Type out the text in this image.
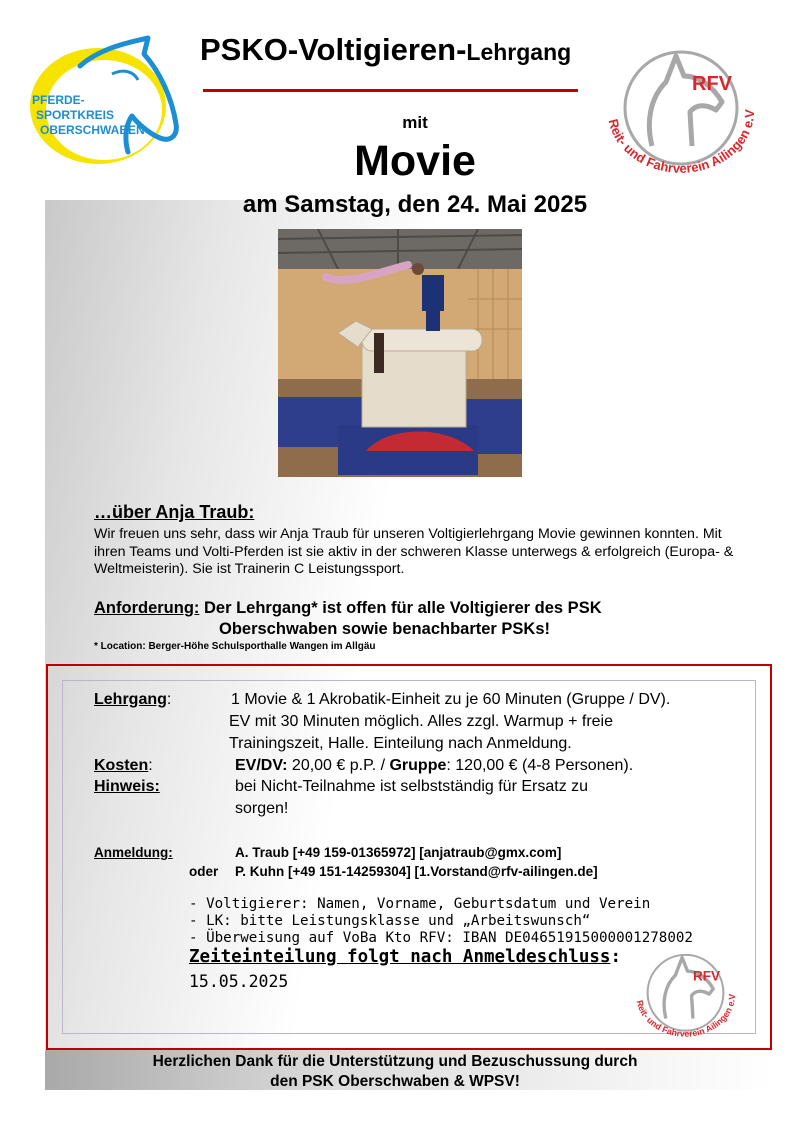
PFERDE-
SPORTKREIS
OBERSCHWABEN
RFV
Reit- und Fahrverein Ailingen e.V
PSKO-Voltigieren-Lehrgang
mit
Movie
am Samstag, den 24. Mai 2025
…über Anja Traub:
Wir freuen uns sehr, dass wir Anja Traub für unseren Voltigierlehrgang Movie gewinnen konnten. Mit ihren Teams und Volti-Pferden ist sie aktiv in der schweren Klasse unterwegs & erfolgreich (Europa- & Weltmeisterin). Sie ist Trainerin C Leistungssport.
Anforderung: Der Lehrgang* ist offen für alle Voltigierer des PSK
Oberschwaben sowie benachbarter PSKs!
* Location: Berger-Höhe Schulsporthalle Wangen im Allgäu
Lehrgang:	1 Movie & 1 Akrobatik-Einheit zu je 60 Minuten (Gruppe / DV).
EV mit 30 Minuten möglich. Alles zzgl. Warmup + freie
Trainingszeit, Halle. Einteilung nach Anmeldung.
Kosten:	EV/DV: 20,00 € p.P. / Gruppe: 120,00 € (4-8 Personen).
Hinweis:	bei Nicht-Teilnahme ist selbstständig für Ersatz zu
sorgen!
Anmeldung:	A. Traub [+49 159-01365972] [anjatraub@gmx.com]
oder P. Kuhn [+49 151-14259304] [1.Vorstand@rfv-ailingen.de]
- Voltigierer: Namen, Vorname, Geburtsdatum und Verein
- LK: bitte Leistungsklasse und „Arbeitswunsch“
- Überweisung auf VoBa Kto RFV: IBAN DE04651915000001278002
Zeiteinteilung folgt nach Anmeldeschluss:
15.05.2025	RFV
Reit- und Fahrverein Ailingen e.V
Herzlichen Dank für die Unterstützung und Bezuschussung durch
den PSK Oberschwaben & WPSV!
